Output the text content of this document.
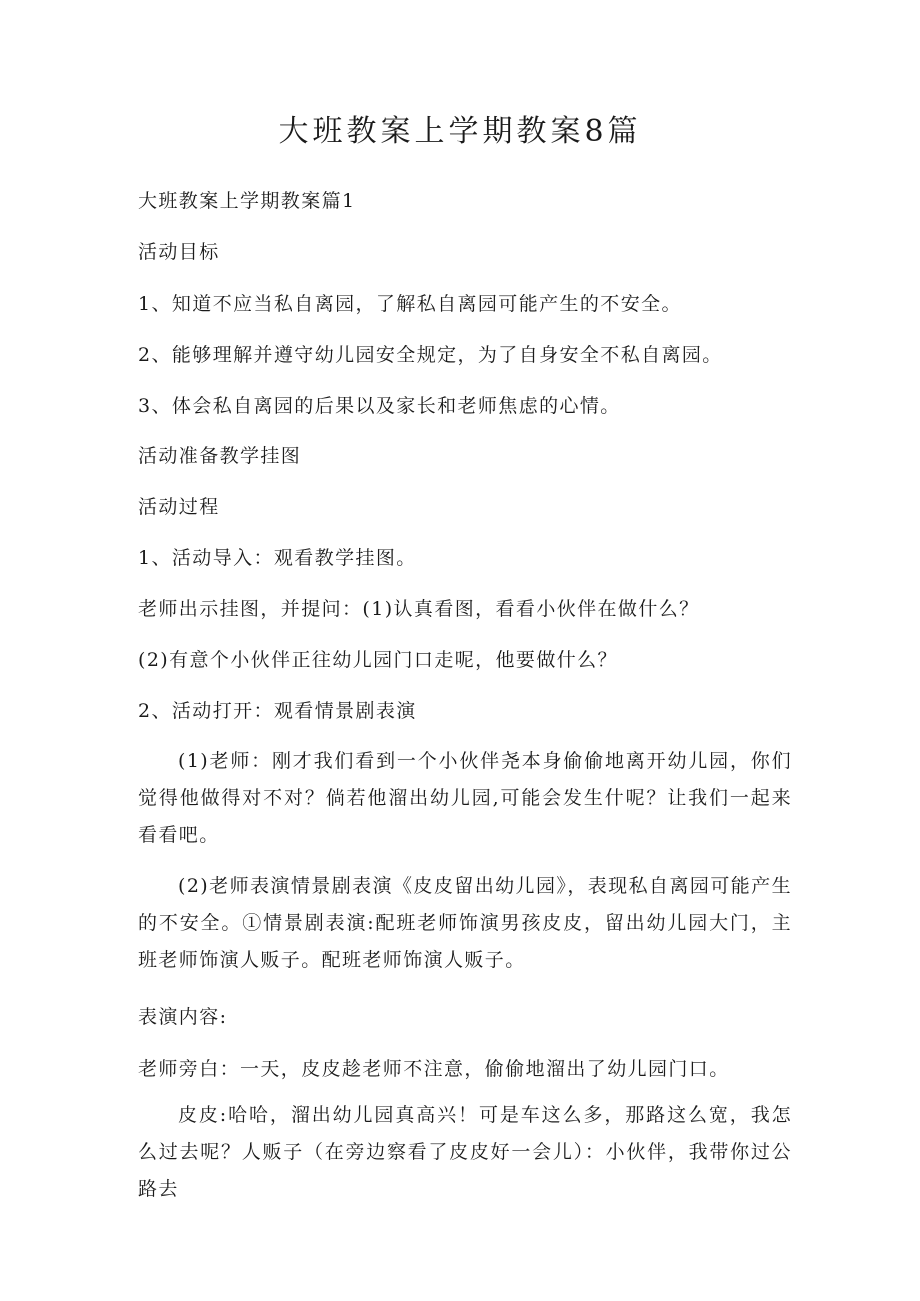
大班教案上学期教案8篇
大班教案上学期教案篇1
活动目标
1、知道不应当私自离园，了解私自离园可能产生的不安全。
2、能够理解并遵守幼儿园安全规定，为了自身安全不私自离园。
3、体会私自离园的后果以及家长和老师焦虑的心情。
活动准备教学挂图
活动过程
1、活动导入：观看教学挂图。
老师出示挂图，并提问：(1)认真看图，看看小伙伴在做什么？
(2)有意个小伙伴正往幼儿园门口走呢，他要做什么？
2、活动打开：观看情景剧表演
(1)老师：刚才我们看到一个小伙伴尧本身偷偷地离开幼儿园，你们觉得他做得对不对？倘若他溜出幼儿园,可能会发生什呢？让我们一起来看看吧。
(2)老师表演情景剧表演《皮皮留出幼儿园》，表现私自离园可能产生的不安全。①情景剧表演:配班老师饰演男孩皮皮，留出幼儿园大门，主班老师饰演人贩子。配班老师饰演人贩子。
表演内容:
老师旁白：一天，皮皮趁老师不注意，偷偷地溜出了幼儿园门口。
皮皮:哈哈，溜出幼儿园真高兴！可是车这么多，那路这么宽，我怎么过去呢？人贩子（在旁边察看了皮皮好一会儿）：小伙伴，我带你过公路去
